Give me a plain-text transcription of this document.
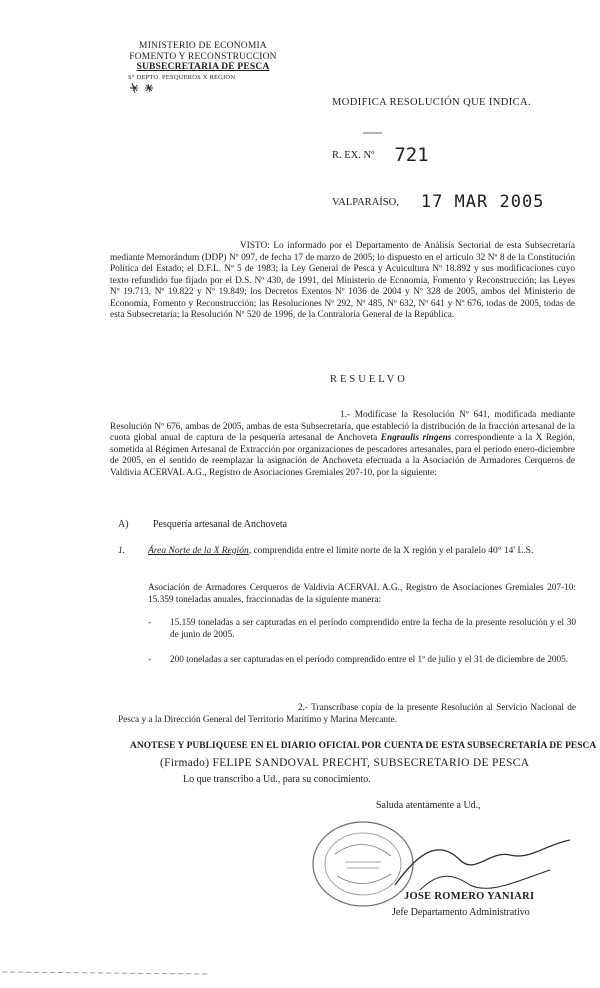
MINISTERIO DE ECONOMIA
FOMENTO Y RECONSTRUCCION
SUBSECRETARIA DE PESCA
S° DEPTO. PESQUEROS X REGION
MODIFICA RESOLUCIÓN QUE INDICA.
R. EX. Nº 721
VALPARAÍSO, 17 MAR 2005
VISTO: Lo informado por el Departamento de Análisis Sectorial de esta Subsecretaría mediante Memorándum (DDP) Nº 097, de fecha 17 de marzo de 2005; lo dispuesto en el artículo 32 Nº 8 de la Constitución Política del Estado; el D.F.L. Nº 5 de 1983; la Ley General de Pesca y Acuicultura Nº 18.892 y sus modificaciones cuyo texto refundido fue fijado por el D.S. Nº 430, de 1991, del Ministerio de Economía, Fomento y Reconstrucción; las Leyes Nº 19.713, Nº 19.822 y Nº 19.849; los Decretos Exentos Nº 1036 de 2004 y Nº 328 de 2005, ambos del Ministerio de Economía, Fomento y Reconstrucción; las Resoluciones Nº 292, Nº 485, Nº 632, Nº 641 y Nº 676, todas de 2005, todas de esta Subsecretaría; la Resolución Nº 520 de 1996, de la Contraloría General de la República.
RESUELVO
1.- Modifícase la Resolución Nº 641, modificada mediante Resolución Nº 676, ambas de 2005, ambas de esta Subsecretaría, que estableció la distribución de la fracción artesanal de la cuota global anual de captura de la pesquería artesanal de Anchoveta Engraulis ringens correspondiente a la X Región, sometida al Régimen Artesanal de Extracción por organizaciones de pescadores artesanales, para el período enero-diciembre de 2005, en el sentido de reemplazar la asignación de Anchoveta efectuada a la Asociación de Armadores Cerqueros de Valdivia ACERVAL A.G., Registro de Asociaciones Gremiales 207-10, por la siguiente:
A) Pesquería artesanal de Anchoveta
1. Área Norte de la X Región, comprendida entre el límite norte de la X región y el paralelo 40° 14' L.S.
Asociación de Armadores Cerqueros de Valdivia ACERVAL A.G., Registro de Asociaciones Gremiales 207-10: 15.359 toneladas anuales, fraccionadas de la siguiente manera:
- 15.159 toneladas a ser capturadas en el período comprendido entre la fecha de la presente resolución y el 30 de junio de 2005.
- 200 toneladas a ser capturadas en el período comprendido entre el 1º de julio y el 31 de diciembre de 2005.
2.- Transcríbase copia de la presente Resolución al Servicio Nacional de Pesca y a la Dirección General del Territorio Marítimo y Marina Mercante.
ANOTESE Y PUBLIQUESE EN EL DIARIO OFICIAL POR CUENTA DE ESTA SUBSECRETARÍA DE PESCA
(Firmado) FELIPE SANDOVAL PRECHT, SUBSECRETARIO DE PESCA
Lo que transcribo a Ud., para su conocimiento.
Saluda atentamente a Ud.,
JOSE ROMERO YANIARI
Jefe Departamento Administrativo
